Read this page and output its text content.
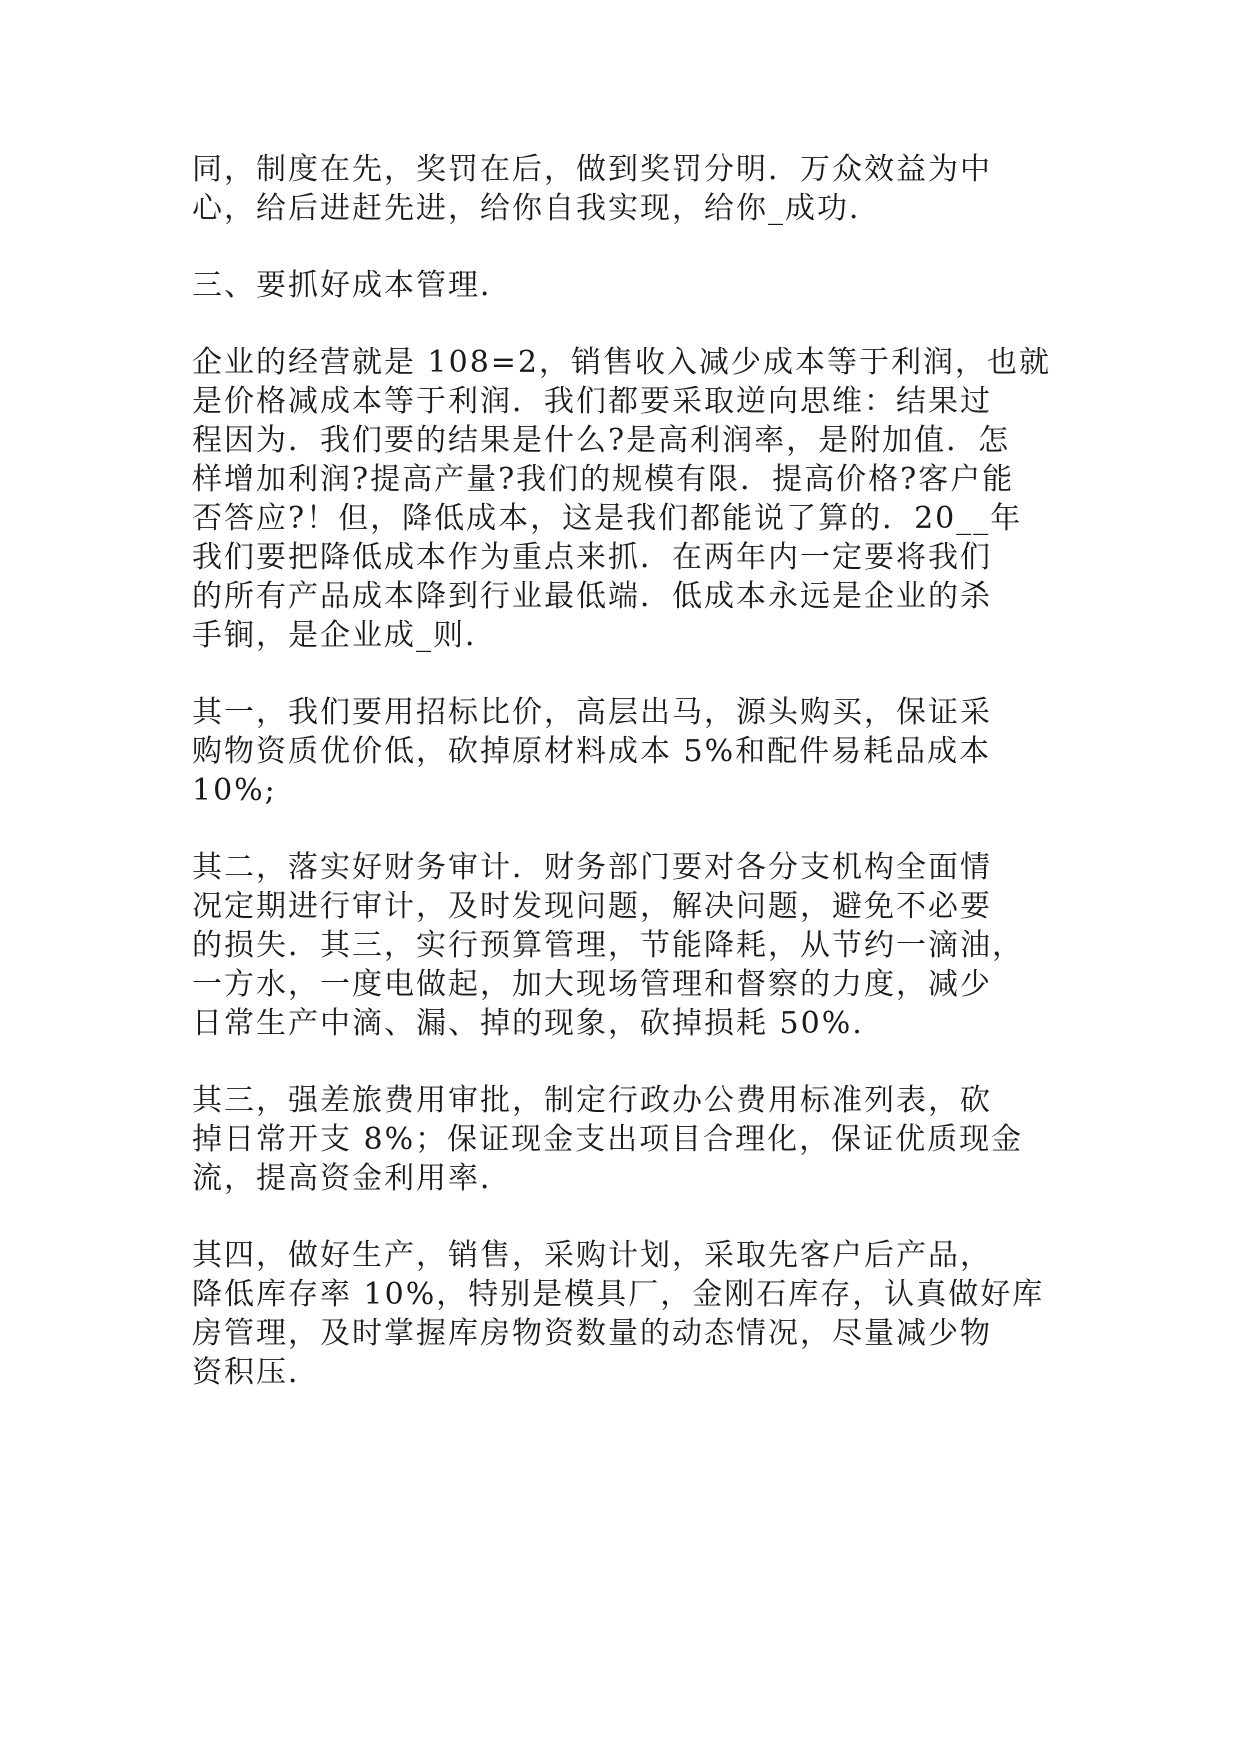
同，制度在先，奖罚在后，做到奖罚分明．万众效益为中
心，给后进赶先进，给你自我实现，给你_成功．
三、要抓好成本管理．
企业的经营就是 108=2，销售收入减少成本等于利润，也就
是价格减成本等于利润．我们都要采取逆向思维：结果过
程因为．我们要的结果是什么?是高利润率，是附加值．怎
样增加利润?提高产量?我们的规模有限．提高价格?客户能
否答应?！但，降低成本，这是我们都能说了算的．20__年
我们要把降低成本作为重点来抓．在两年内一定要将我们
的所有产品成本降到行业最低端．低成本永远是企业的杀
手锏，是企业成_则．
其一，我们要用招标比价，高层出马，源头购买，保证采
购物资质优价低，砍掉原材料成本 5%和配件易耗品成本
10%;
其二，落实好财务审计．财务部门要对各分支机构全面情
况定期进行审计，及时发现问题，解决问题，避免不必要
的损失．其三，实行预算管理，节能降耗，从节约一滴油，
一方水，一度电做起，加大现场管理和督察的力度，减少
日常生产中滴、漏、掉的现象，砍掉损耗 50%.
其三，强差旅费用审批，制定行政办公费用标准列表，砍
掉日常开支 8%；保证现金支出项目合理化，保证优质现金
流，提高资金利用率．
其四，做好生产，销售，采购计划，采取先客户后产品，
降低库存率 10%，特别是模具厂，金刚石库存，认真做好库
房管理，及时掌握库房物资数量的动态情况，尽量减少物
资积压．
